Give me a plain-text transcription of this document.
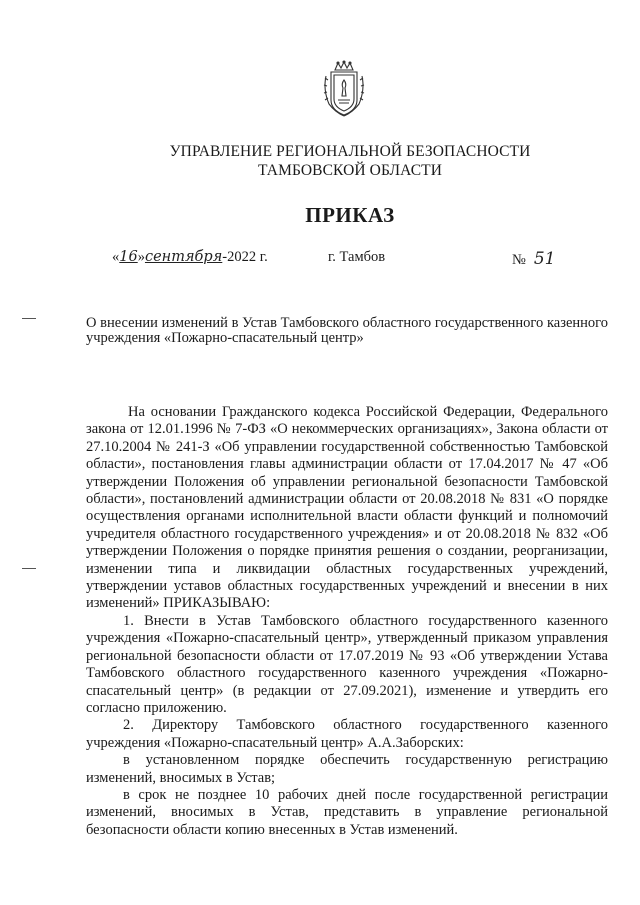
УПРАВЛЕНИЕ РЕГИОНАЛЬНОЙ БЕЗОПАСНОСТИ
ТАМБОВСКОЙ ОБЛАСТИ
ПРИКАЗ
«16»сентября-2022 г.	г. Тамбов	№ 51
О внесении изменений в Устав Тамбовского областного государственного казенного учреждения «Пожарно-спасательный центр»

На основании Гражданского кодекса Российской Федерации, Федерального закона от 12.01.1996 № 7-ФЗ «О некоммерческих организациях», Закона области от 27.10.2004 № 241-З «Об управлении государственной собственностью Тамбовской области», постановления главы администрации области от 17.04.2017 № 47 «Об утверждении Положения об управлении региональной безопасности Тамбовской области», постановлений администрации области от 20.08.2018 № 831 «О порядке осуществления органами исполнительной власти области функций и полномочий учредителя областного государственного учреждения» и от 20.08.2018 № 832 «Об утверждении Положения о порядке принятия решения о создании, реорганизации, изменении типа и ликвидации областных государственных учреждений, утверждении уставов областных государственных учреждений и внесении в них изменений» ПРИКАЗЫВАЮ:

1. Внести в Устав Тамбовского областного государственного казенного учреждения «Пожарно-спасательный центр», утвержденный приказом управления региональной безопасности области от 17.07.2019 № 93 «Об утверждении Устава Тамбовского областного государственного казенного учреждения «Пожарно-спасательный центр» (в редакции от 27.09.2021), изменение и утвердить его согласно приложению.

2. Директору Тамбовского областного государственного казенного учреждения «Пожарно-спасательный центр» А.А.Заборских:

в установленном порядке обеспечить государственную регистрацию изменений, вносимых в Устав;

в срок не позднее 10 рабочих дней после государственной регистрации изменений, вносимых в Устав, представить в управление региональной безопасности области копию внесенных в Устав изменений.
